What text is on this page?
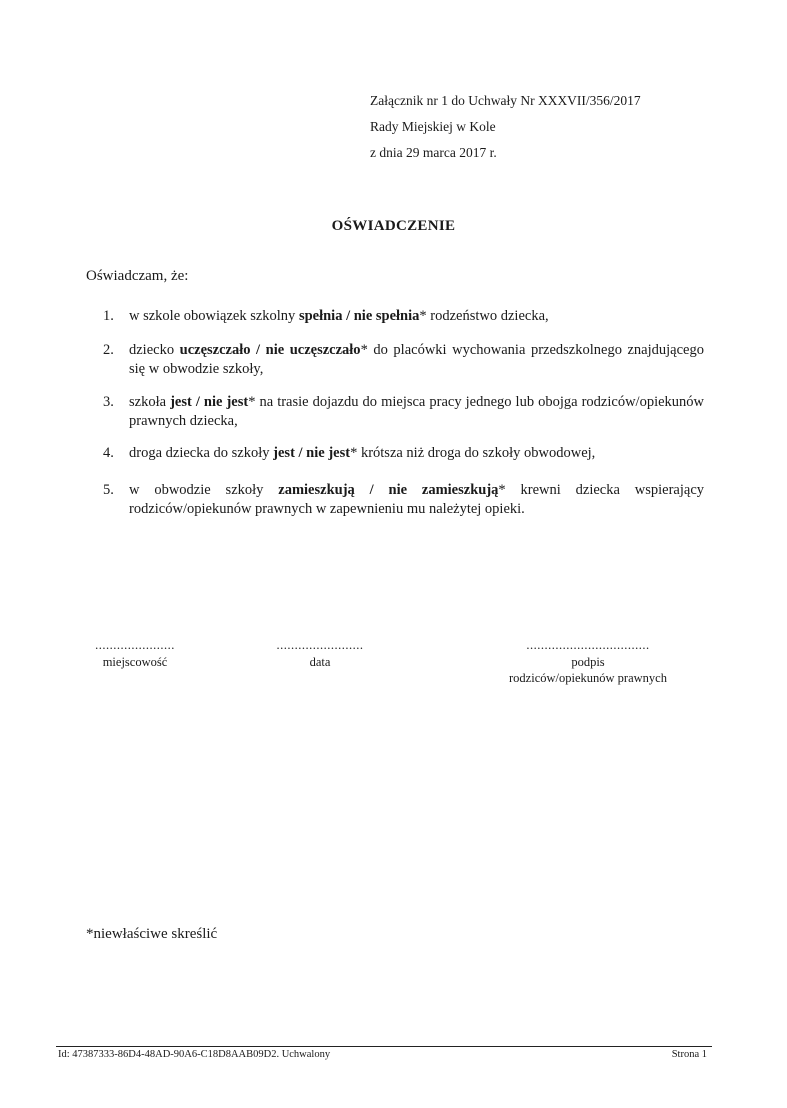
Załącznik nr 1 do Uchwały Nr XXXVII/356/2017
Rady Miejskiej w Kole
z dnia 29 marca 2017 r.
OŚWIADCZENIE
Oświadczam, że:
1. w szkole obowiązek szkolny spełnia / nie spełnia* rodzeństwo dziecka,
2. dziecko uczęszczało / nie uczęszczało* do placówki wychowania przedszkolnego znajdującego się w obwodzie szkoły,
3. szkoła jest / nie jest* na trasie dojazdu do miejsca pracy jednego lub obojga rodziców/opiekunów prawnych dziecka,
4. droga dziecka do szkoły jest / nie jest* krótsza niż droga do szkoły obwodowej,
5. w obwodzie szkoły zamieszkują / nie zamieszkują* krewni dziecka wspierający rodziców/opiekunów prawnych w zapewnieniu mu należytej opieki.
......................
miejscowość
........................
data
..................................
podpis
rodziców/opiekunów prawnych
*niewłaściwe skreślić
Id: 47387333-86D4-48AD-90A6-C18D8AAB09D2. Uchwalony	Strona 1
